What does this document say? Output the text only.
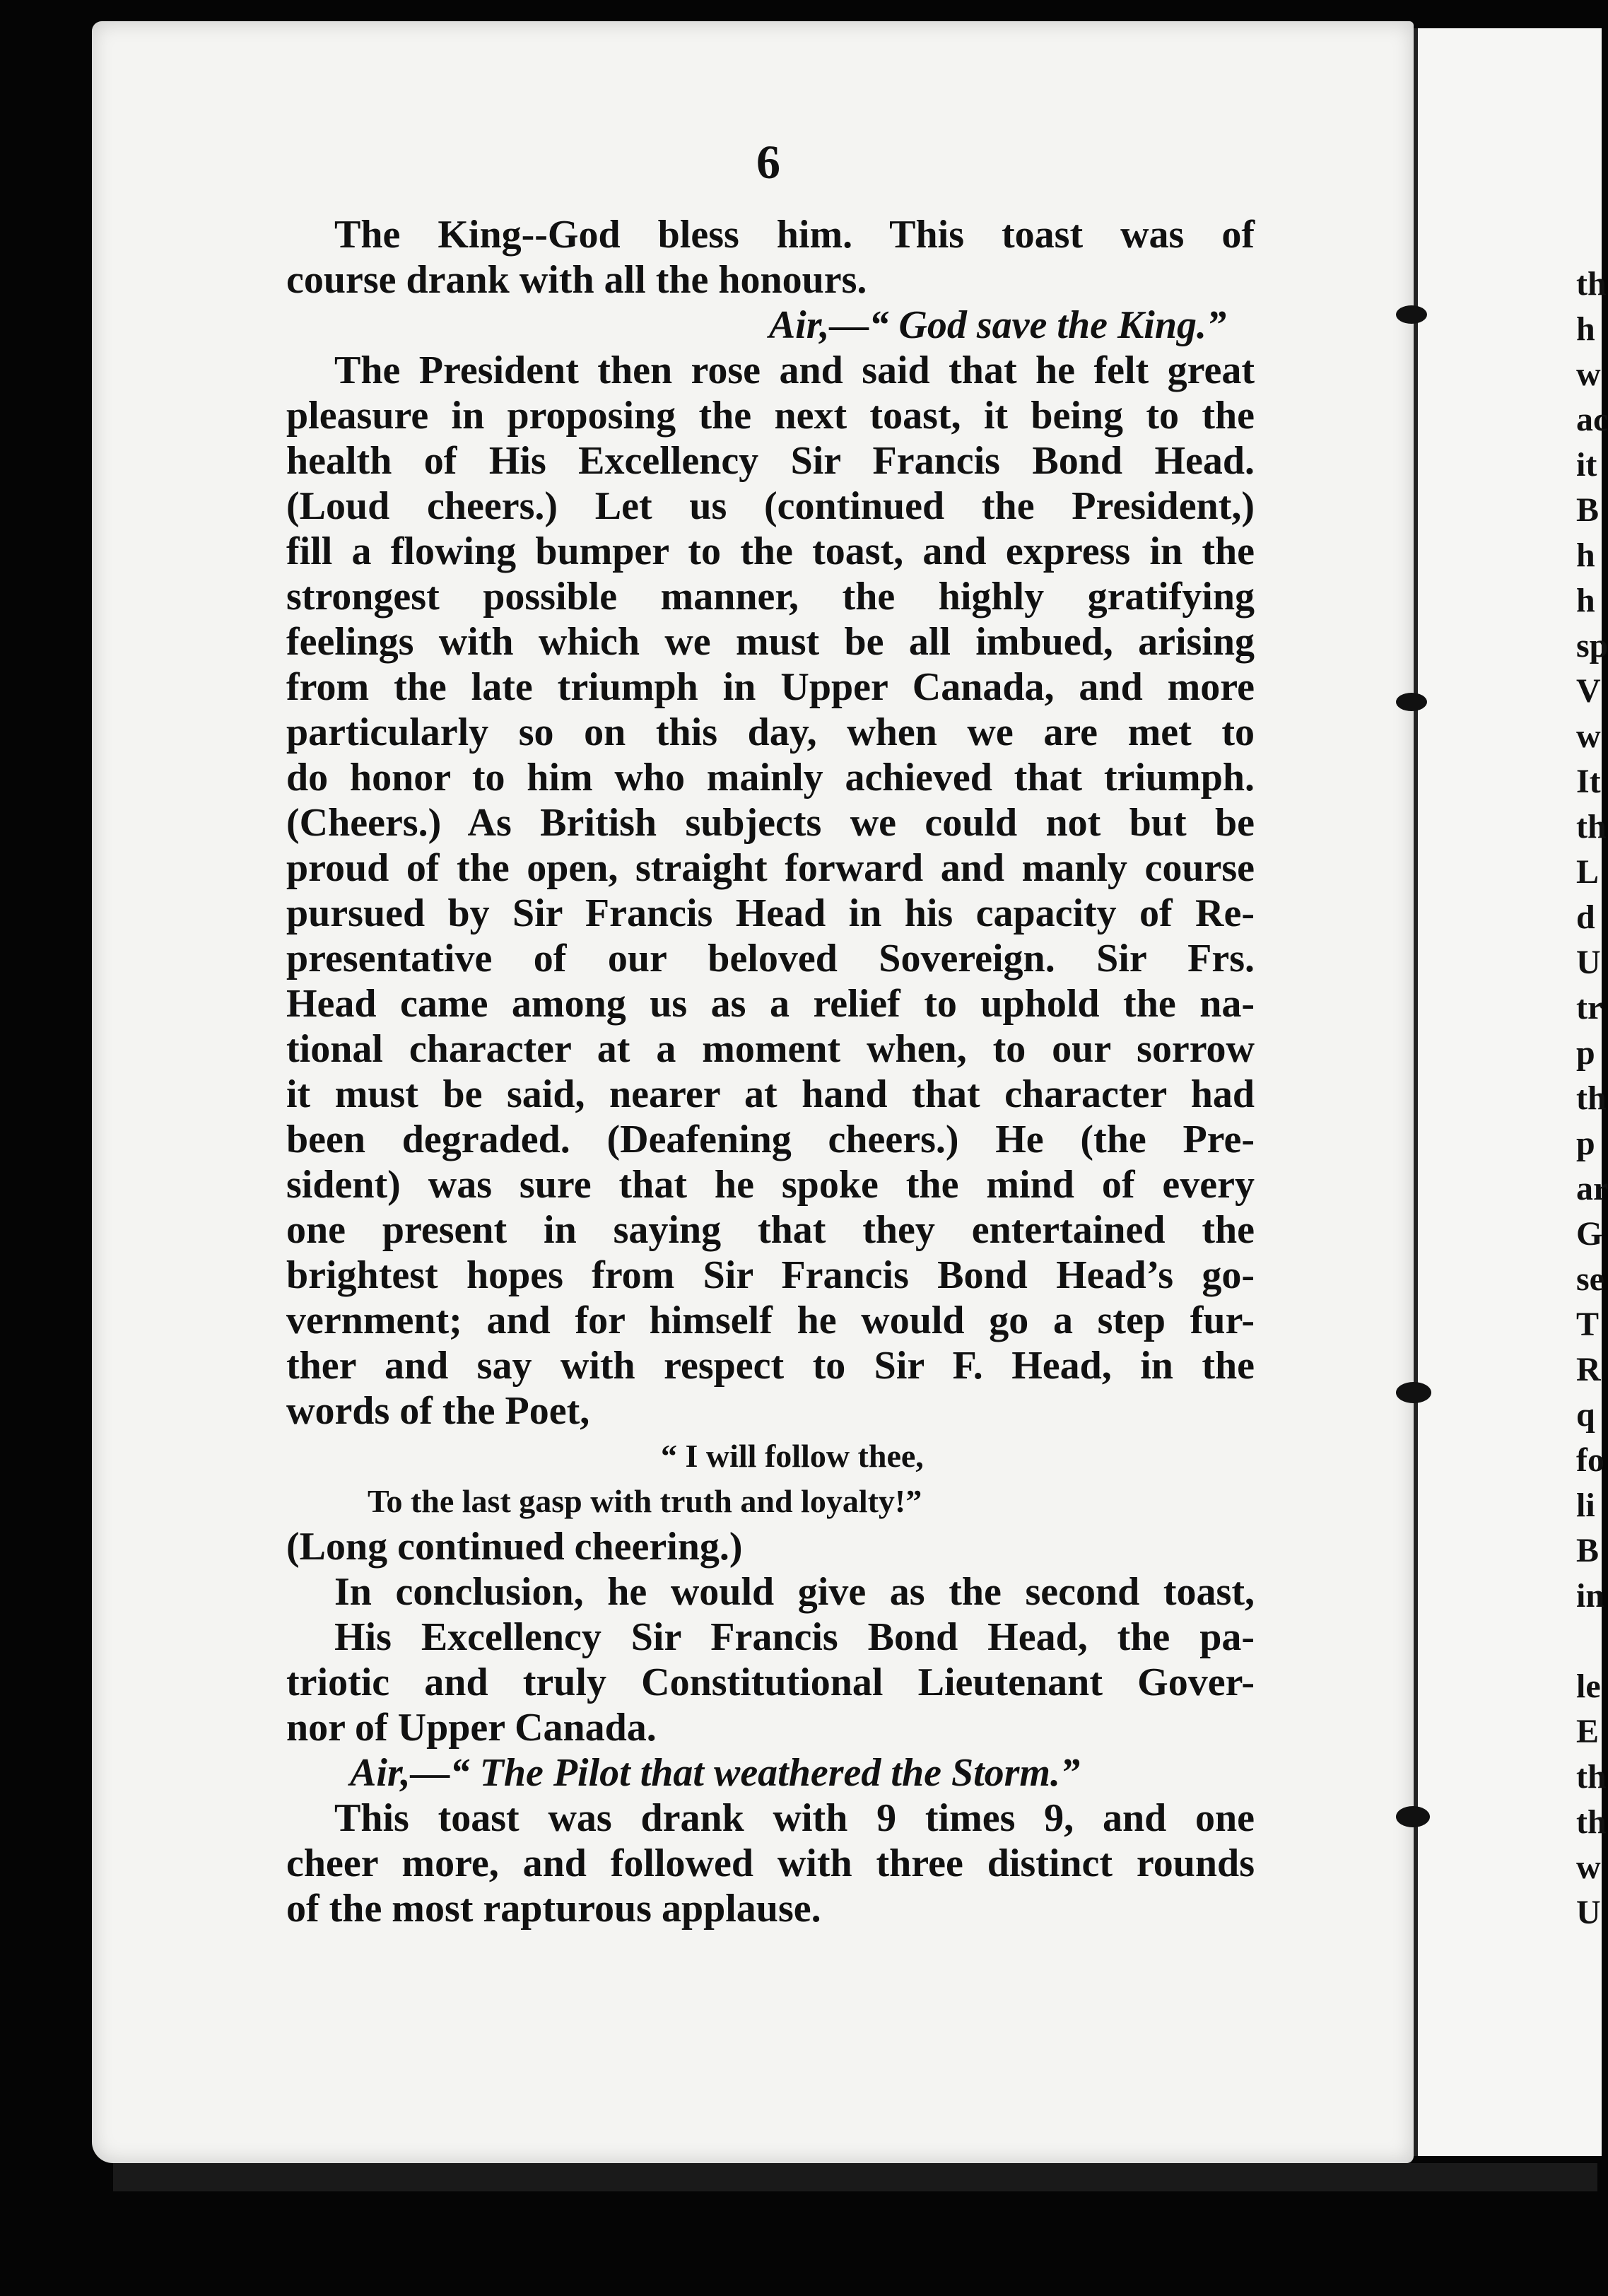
6
The King--God bless him. This toast was of
course drank with all the honours.
Air,—“ God save the King.”
The President then rose and said that he felt great
pleasure in proposing the next toast, it being to the
health of His Excellency Sir Francis Bond Head.
(Loud cheers.) Let us (continued the President,)
fill a flowing bumper to the toast, and express in the
strongest possible manner, the highly gratifying
feelings with which we must be all imbued, arising
from the late triumph in Upper Canada, and more
particularly so on this day, when we are met to
do honor to him who mainly achieved that triumph.
(Cheers.) As British subjects we could not but be
proud of the open, straight forward and manly course
pursued by Sir Francis Head in his capacity of Re-
presentative of our beloved Sovereign. Sir Frs.
Head came among us as a relief to uphold the na-
tional character at a moment when, to our sorrow
it must be said, nearer at hand that character had
been degraded. (Deafening cheers.) He (the Pre-
sident) was sure that he spoke the mind of every
one present in saying that they entertained the
brightest hopes from Sir Francis Bond Head’s go-
vernment; and for himself he would go a step fur-
ther and say with respect to Sir F. Head, in the
words of the Poet,
“ I will follow thee,
To the last gasp with truth and loyalty!”
(Long continued cheering.)
In conclusion, he would give as the second toast,
His Excellency Sir Francis Bond Head, the pa-
triotic and truly Constitutional Lieutenant Gover-
nor of Upper Canada.
Air,—“ The Pilot that weathered the Storm.”
This toast was drank with 9 times 9, and one
cheer more, and followed with three distinct rounds
of the most rapturous applause.
th
h
w
ac
it
B
h
h
sp
V
w
It
th
L
d
U
tr
p
th
p
ar
G
se
T
R
q
fo
li
B
in
le
E
th
th
w
U
